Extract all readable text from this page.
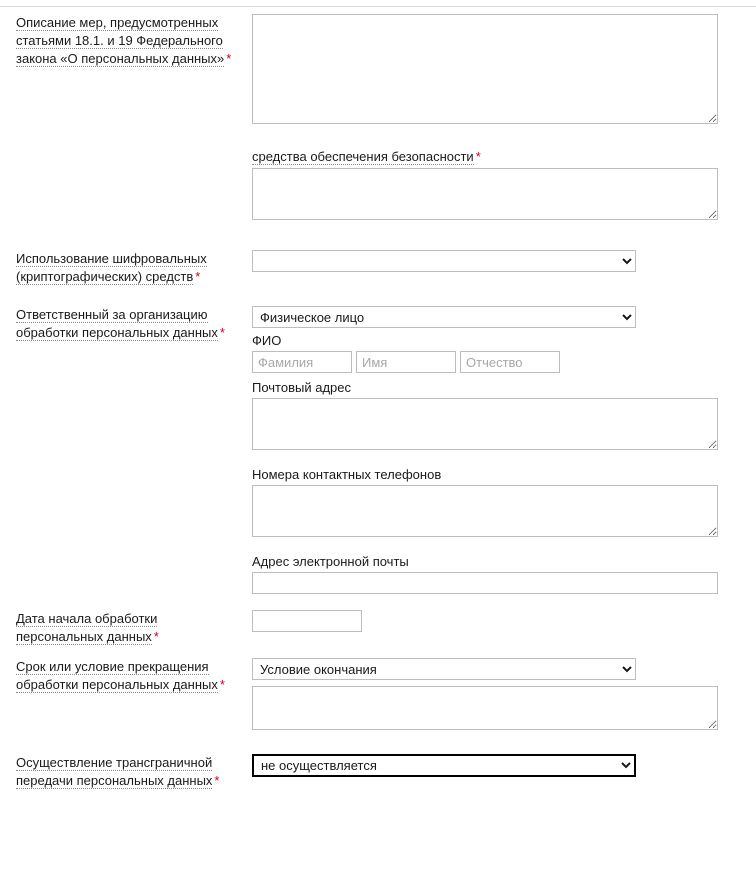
Описание мер, предусмотренных статьями 18.1. и 19 Федерального закона «О персональных данных» *
средства обеспечения безопасности *
Использование шифровальных (криптографических) средств *
Ответственный за организацию обработки персональных данных *
Физическое лицо
ФИО
Фамилия
Имя
Отчество
Почтовый адрес
Номера контактных телефонов
Адрес электронной почты
Дата начала обработки персональных данных *
Срок или условие прекращения обработки персональных данных *
Условие окончания
Осуществление трансграничной передачи персональных данных *
не осуществляется
